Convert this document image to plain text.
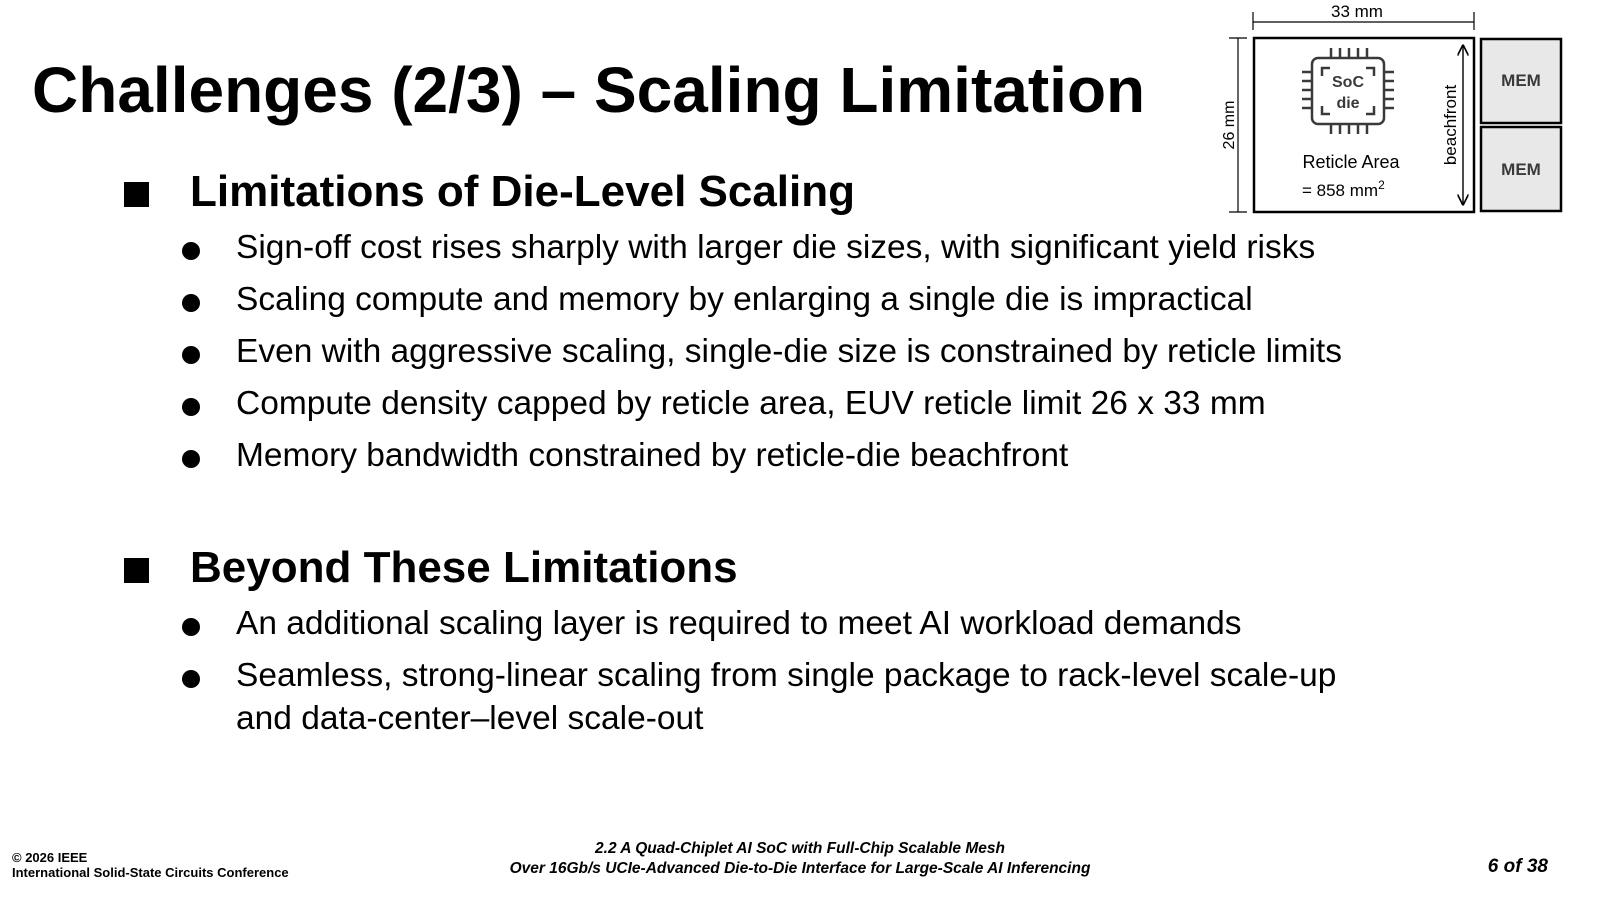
Challenges (2/3) – Scaling Limitation
Limitations of Die-Level Scaling
Sign-off cost rises sharply with larger die sizes, with significant yield risks
Scaling compute and memory by enlarging a single die is impractical
Even with aggressive scaling, single-die size is constrained by reticle limits
Compute density capped by reticle area, EUV reticle limit 26 x 33 mm
Memory bandwidth constrained by reticle-die beachfront
Beyond These Limitations
An additional scaling layer is required to meet AI workload demands
Seamless, strong-linear scaling from single package to rack-level scale-up
and data-center–level scale-out
33 mm
26 mm
SoC
die
Reticle Area
= 858 $mm^2$
beachfront
MEM
MEM
© 2026 IEEE
International Solid-State Circuits Conference
2.2 A Quad-Chiplet AI SoC with Full-Chip Scalable Mesh
Over 16Gb/s UCIe-Advanced Die-to-Die Interface for Large-Scale AI Inferencing	6 of 38
